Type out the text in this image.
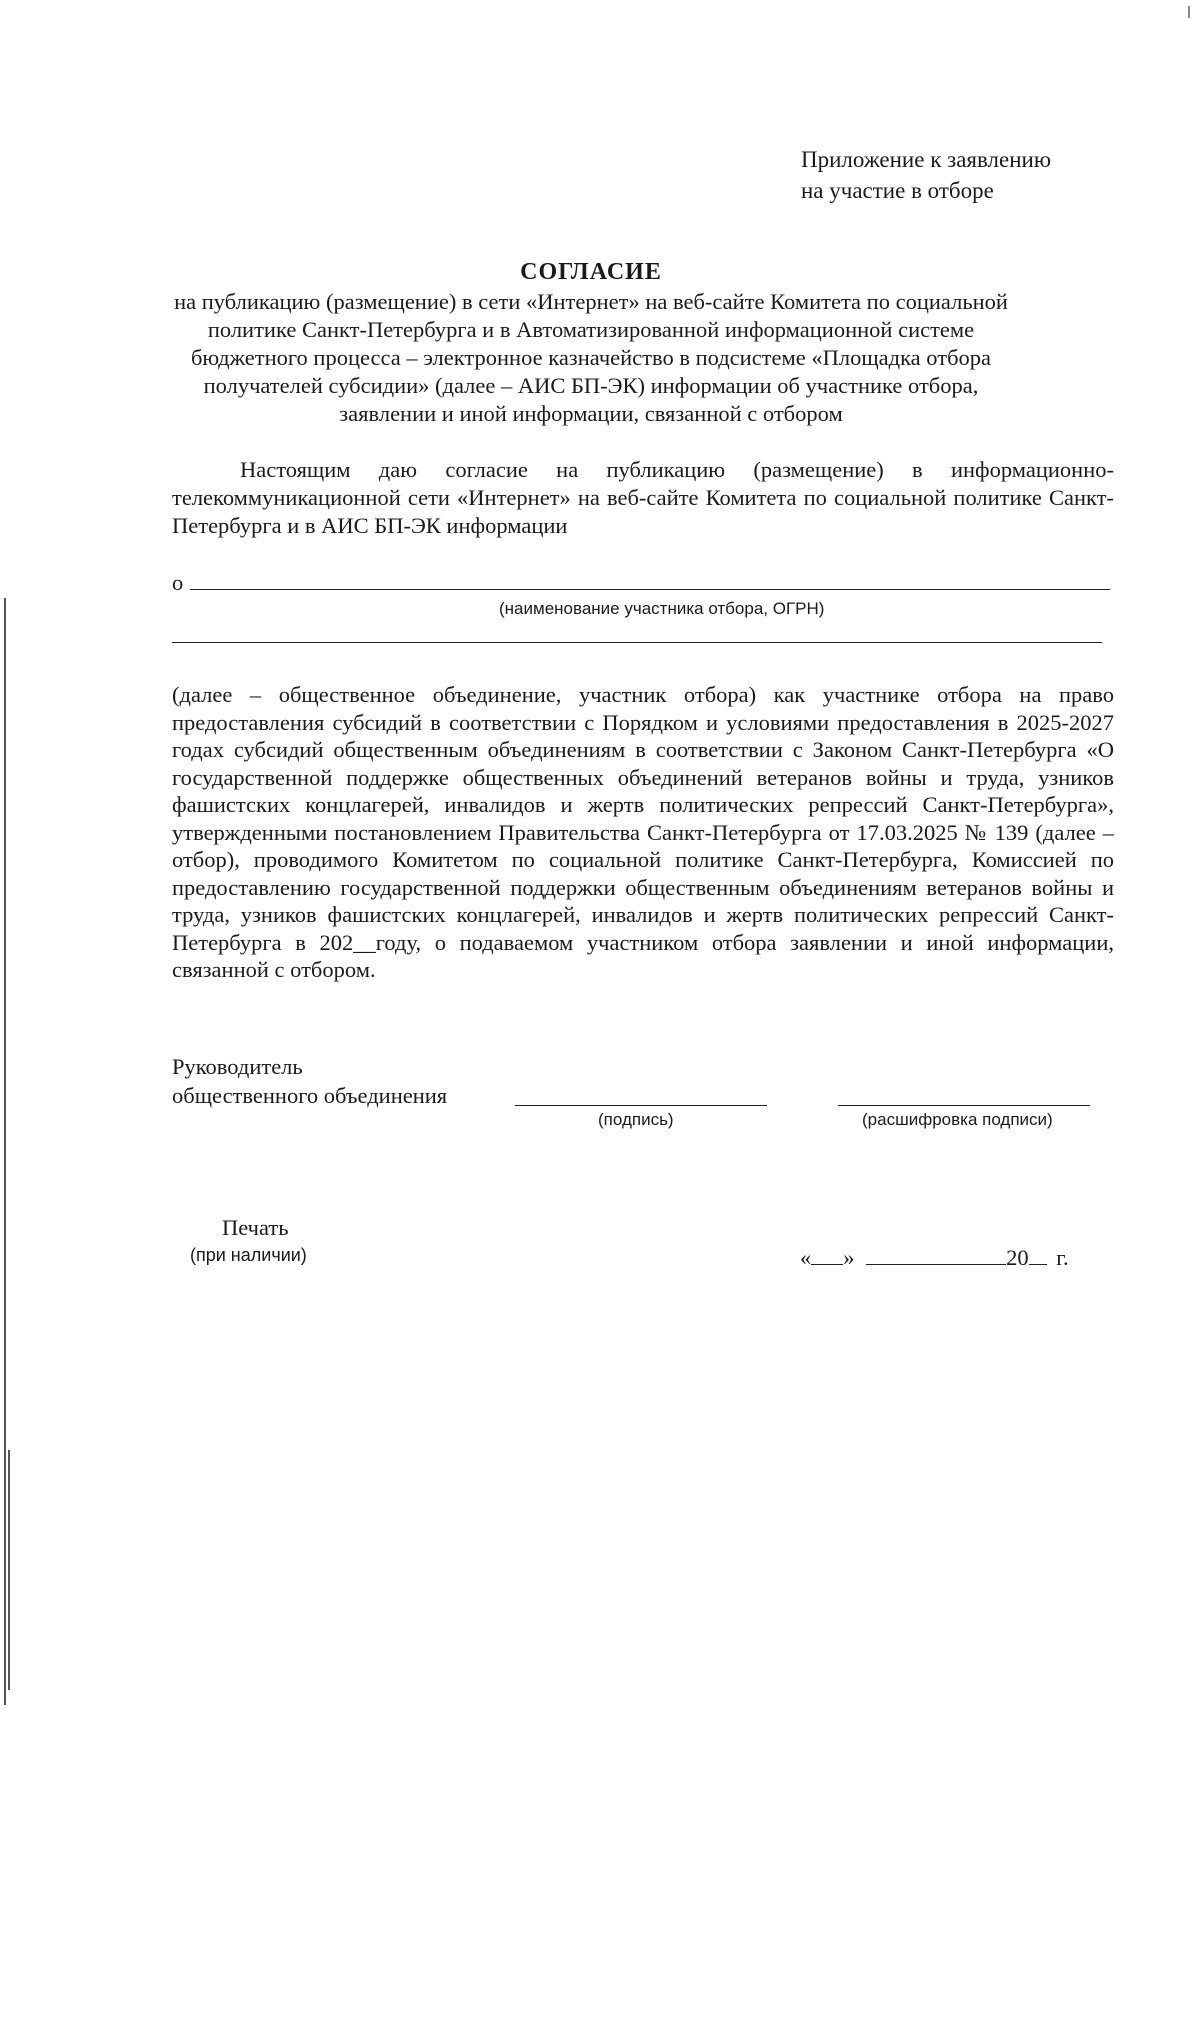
Приложение к заявлению
на участие в отборе
СОГЛАСИЕ
на публикацию (размещение) в сети «Интернет» на веб-сайте Комитета по социальной
политике Санкт-Петербурга и в Автоматизированной информационной системе
бюджетного процесса – электронное казначейство в подсистеме «Площадка отбора
получателей субсидии» (далее – АИС БП-ЭК) информации об участнике отбора,
заявлении и иной информации, связанной с отбором
Настоящим даю согласие на публикацию (размещение) в информационно-телекоммуникационной сети «Интернет» на веб-сайте Комитета по социальной политике Санкт-Петербурга и в АИС БП-ЭК информации
о
(наименование участника отбора, ОГРН)
(далее – общественное объединение, участник отбора) как участнике отбора на право предоставления субсидий в соответствии с Порядком и условиями предоставления в 2025-2027 годах субсидий общественным объединениям в соответствии с Законом Санкт-Петербурга «О государственной поддержке общественных объединений ветеранов войны и труда, узников фашистских концлагерей, инвалидов и жертв политических репрессий Санкт-Петербурга», утвержденными постановлением Правительства Санкт-Петербурга от 17.03.2025 № 139 (далее – отбор), проводимого Комитетом по социальной политике Санкт-Петербурга, Комиссией по предоставлению государственной поддержки общественным объединениям ветеранов войны и труда, узников фашистских концлагерей, инвалидов и жертв политических репрессий Санкт-Петербурга в 202__году, о подаваемом участником отбора заявлении и иной информации, связанной с отбором.
Руководитель
общественного объединения
(подпись)	(расшифровка подписи)
Печать
(при наличии)	« »	20 г.
